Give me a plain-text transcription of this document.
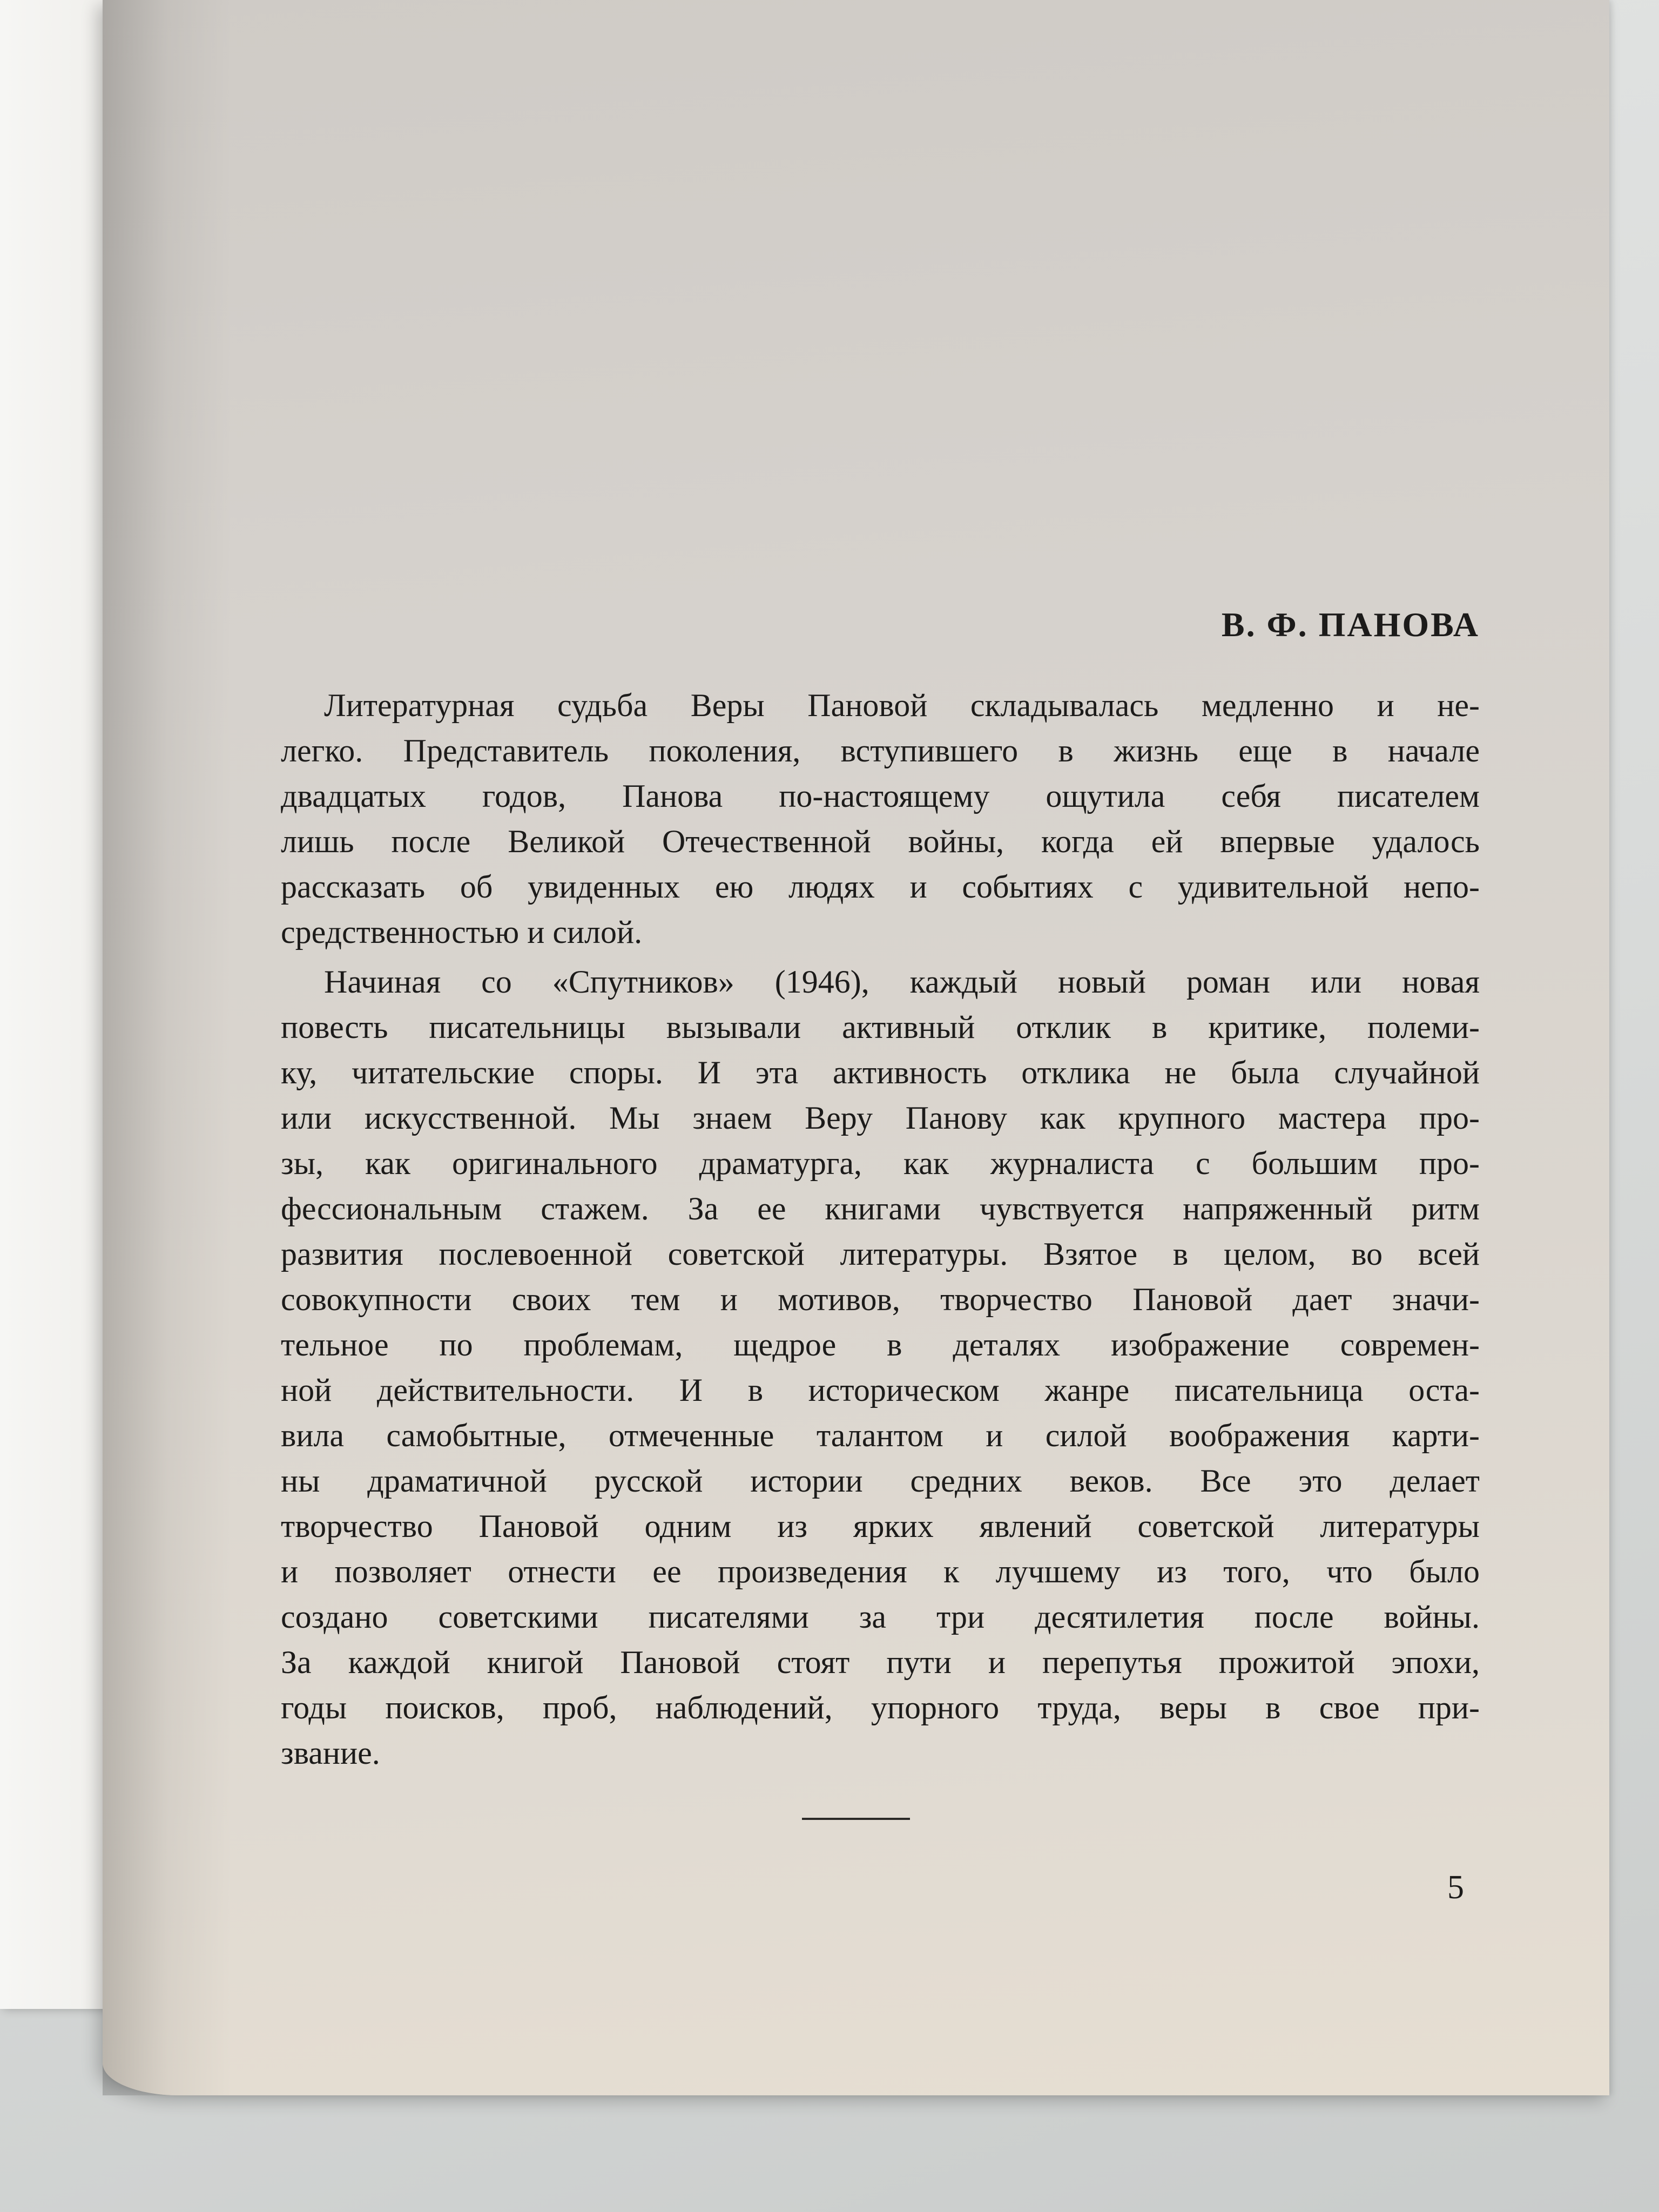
В. Ф. ПАНОВА
Литературная судьба Веры Пановой складывалась медленно и не-
легко. Представитель поколения, вступившего в жизнь еще в начале
двадцатых годов, Панова по-настоящему ощутила себя писателем
лишь после Великой Отечественной войны, когда ей впервые удалось
рассказать об увиденных ею людях и событиях с удивительной непо-
средственностью и силой.
Начиная со «Спутников» (1946), каждый новый роман или новая
повесть писательницы вызывали активный отклик в критике, полеми-
ку, читательские споры. И эта активность отклика не была случайной
или искусственной. Мы знаем Веру Панову как крупного мастера про-
зы, как оригинального драматурга, как журналиста с большим про-
фессиональным стажем. За ее книгами чувствуется напряженный ритм
развития послевоенной советской литературы. Взятое в целом, во всей
совокупности своих тем и мотивов, творчество Пановой дает значи-
тельное по проблемам, щедрое в деталях изображение современ-
ной действительности. И в историческом жанре писательница оста-
вила самобытные, отмеченные талантом и силой воображения карти-
ны драматичной русской истории средних веков. Все это делает
творчество Пановой одним из ярких явлений советской литературы
и позволяет отнести ее произведения к лучшему из того, что было
создано советскими писателями за три десятилетия после войны.
За каждой книгой Пановой стоят пути и перепутья прожитой эпохи,
годы поисков, проб, наблюдений, упорного труда, веры в свое при-
звание.
5
